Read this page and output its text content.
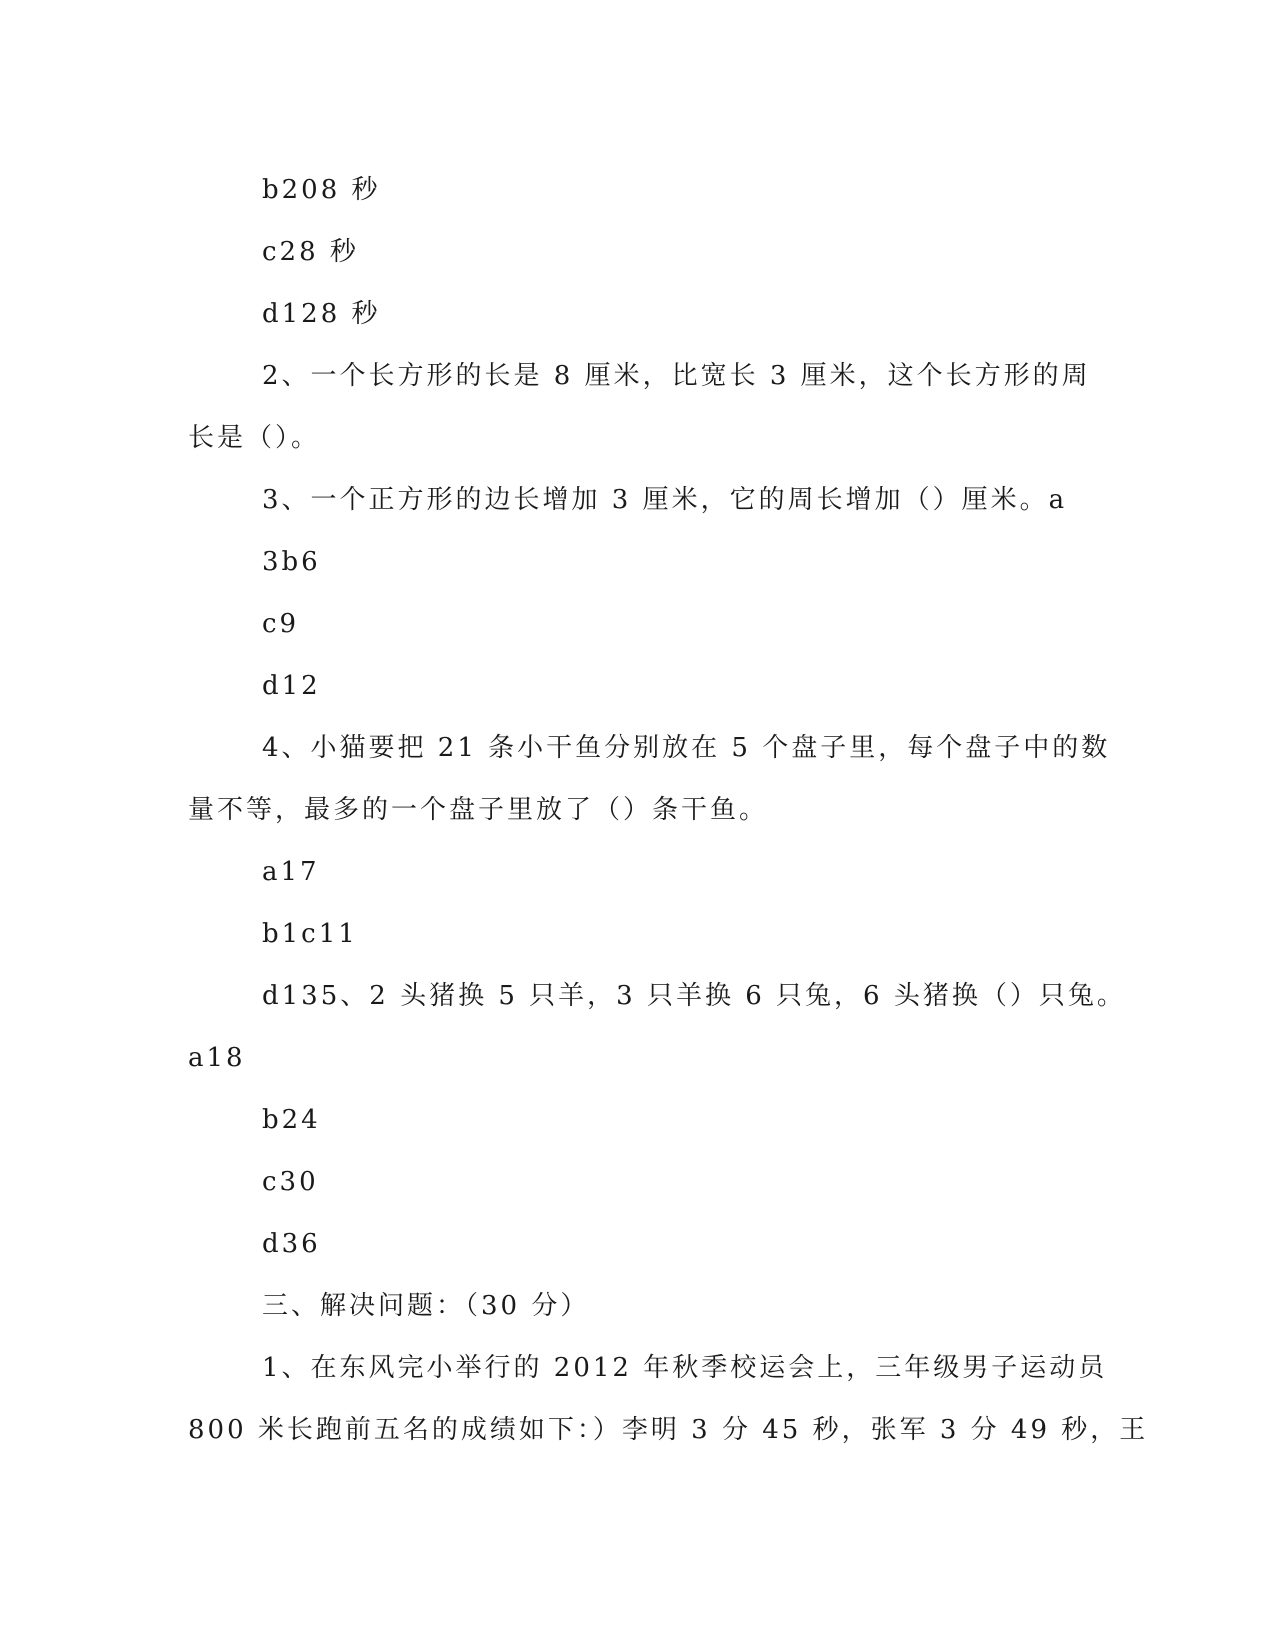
b208 秒
c28 秒
d128 秒
2、一个长方形的长是 8 厘米，比宽长 3 厘米，这个长方形的周
长是（）。
3、一个正方形的边长增加 3 厘米，它的周长增加（）厘米。a
3b6
c9
d12
4、小猫要把 21 条小干鱼分别放在 5 个盘子里，每个盘子中的数
量不等，最多的一个盘子里放了（）条干鱼。
a17
b1c11
d135、2 头猪换 5 只羊，3 只羊换 6 只兔，6 头猪换（）只兔。
a18
b24
c30
d36
三、解决问题：（30 分）
1、在东风完小举行的 2012 年秋季校运会上，三年级男子运动员
800 米长跑前五名的成绩如下：）李明 3 分 45 秒，张军 3 分 49 秒，王
